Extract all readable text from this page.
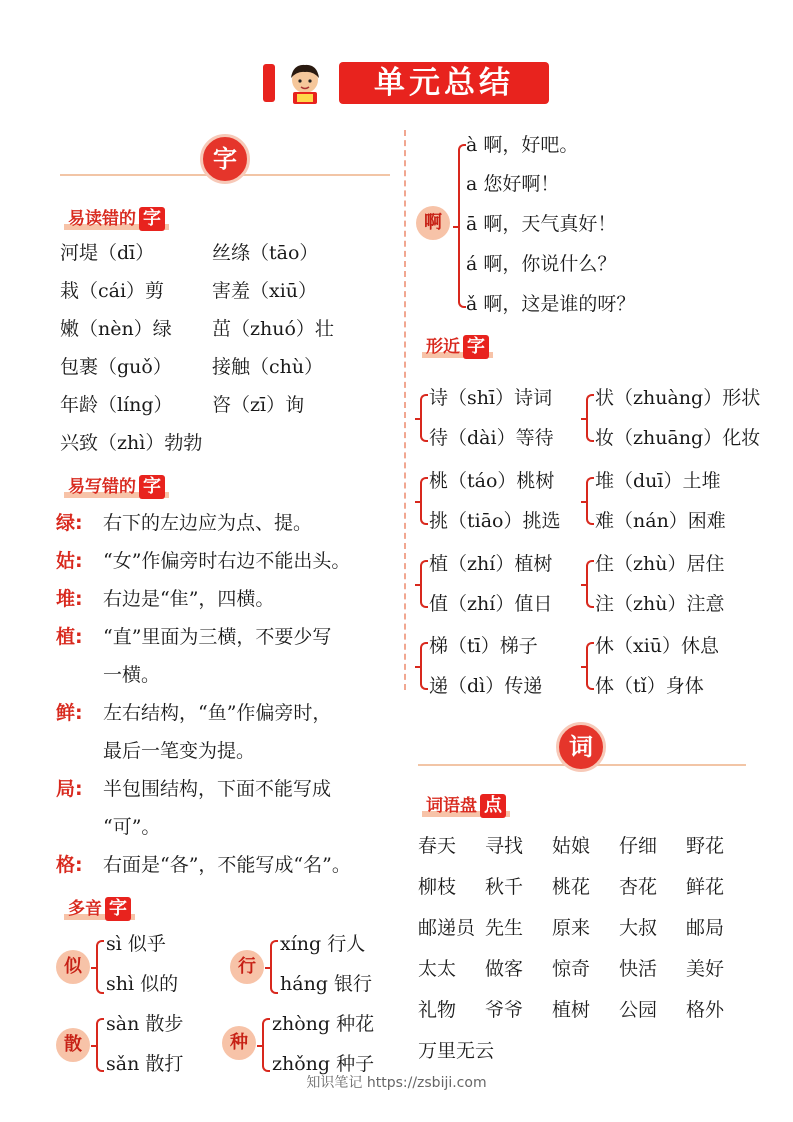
单元总结
字
易读错的 字
河堤（dī）	丝绦（tāo）
栽（cái）剪	害羞（xiū）
嫩（nèn）绿 茁（zhuó）壮
包裹（guǒ） 接触（chù）
年龄（líng） 咨（zī）询
兴致（zhì）勃勃
易写错的 字
绿: 右下的左边应为点、提。
姑: “女”作偏旁时右边不能出头。
堆: 右边是“隹”，四横。
植: “直”里面为三横，不要少写
一横。
鲜: 左右结构，“鱼”作偏旁时，
最后一笔变为提。
局: 半包围结构，下面不能写成
“可”。
格: 右面是“各”，不能写成“名”。
多音 字
似
sì 似乎
shì 似的
行
xíng 行人
háng 银行
散
sàn 散步
sǎn 散打
种
zhòng 种花
zhǒng 种子
啊
à 啊，好吧。
a 您好啊！
ā 啊，天气真好！
á 啊，你说什么？
ǎ 啊，这是谁的呀？
形近 字
诗（shī）诗词
待（dài）等待
状（zhuàng）形状
妆（zhuāng）化妆
桃（táo）桃树
挑（tiāo）挑选
堆（duī）土堆
难（nán）困难
植（zhí）植树
值（zhí）值日
住（zhù）居住
注（zhù）注意
梯（tī）梯子
递（dì）传递
休（xiū）休息
体（tǐ）身体
词
词语盘 点
春天 寻找 姑娘 仔细 野花
柳枝 秋千 桃花 杏花 鲜花
邮递员 先生 原来 大叔 邮局
太太 做客 惊奇 快活 美好
礼物 爷爷 植树 公园 格外
万里无云
知识笔记 https://zsbiji.com
